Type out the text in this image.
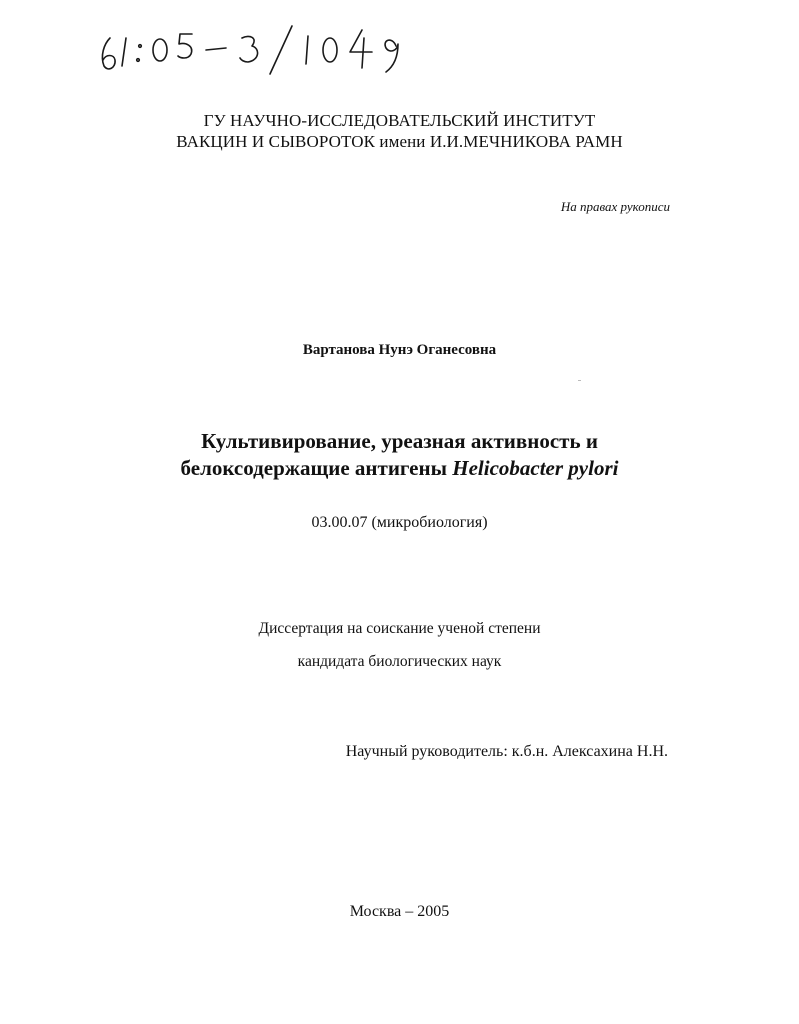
ГУ НАУЧНО-ИССЛЕДОВАТЕЛЬСКИЙ ИНСТИТУТ
ВАКЦИН И СЫВОРОТОК имени И.И.МЕЧНИКОВА РАМН
На правах рукописи
Вартанова Нунэ Оганесовна
Культивирование, уреазная активность и
белоксодержащие антигены Helicobacter pylori
03.00.07 (микробиология)
Диссертация на соискание ученой степени
кандидата биологических наук
Научный руководитель: к.б.н. Алексахина Н.Н.
Москва – 2005
